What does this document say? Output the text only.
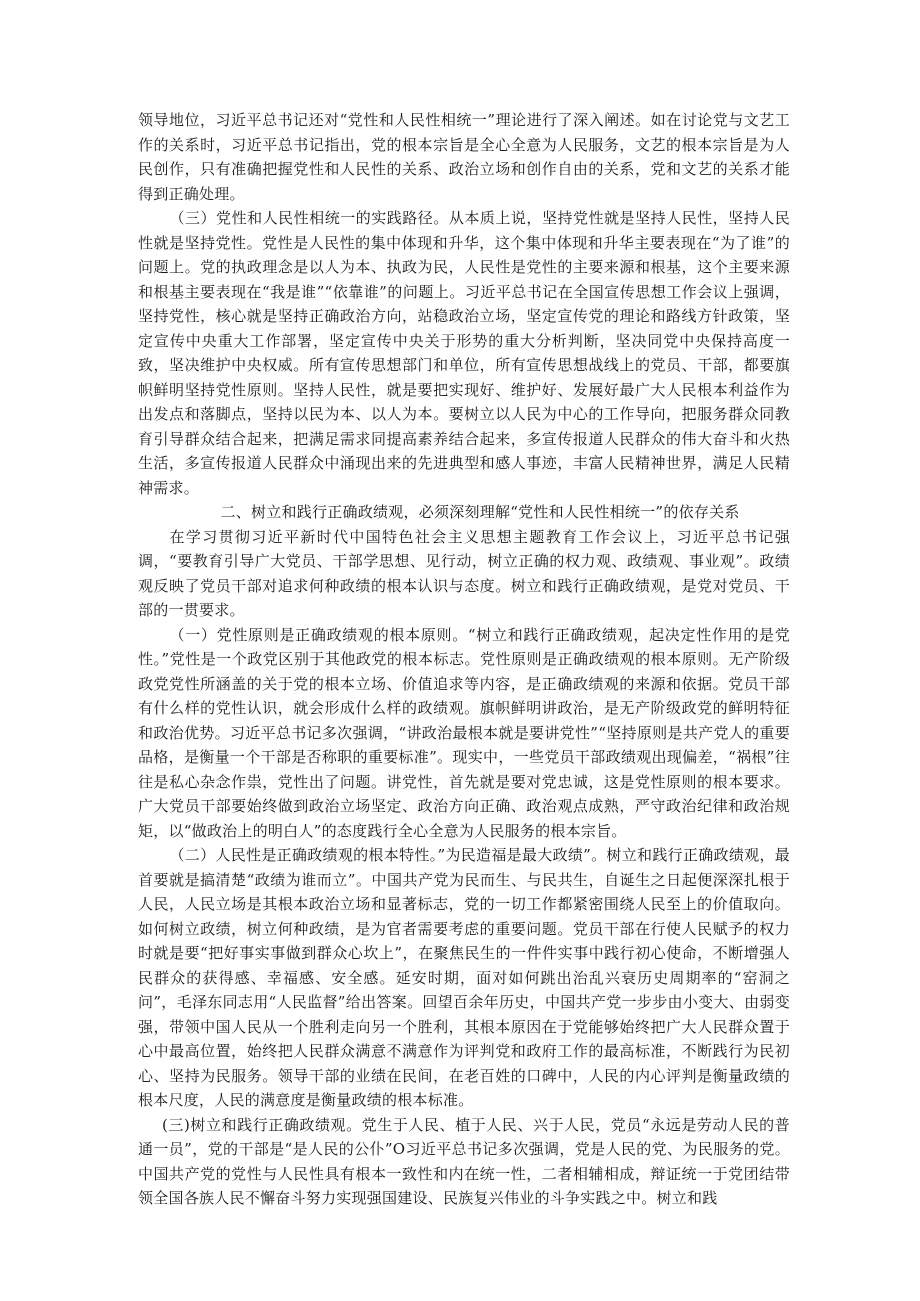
领导地位，习近平总书记还对“党性和人民性相统一”理论进行了深入阐述。如在讨论党与文艺工作的关系时，习近平总书记指出，党的根本宗旨是全心全意为人民服务，文艺的根本宗旨是为人民创作，只有准确把握党性和人民性的关系、政治立场和创作自由的关系，党和文艺的关系才能得到正确处理。

（三）党性和人民性相统一的实践路径。从本质上说，坚持党性就是坚持人民性，坚持人民性就是坚持党性。党性是人民性的集中体现和升华，这个集中体现和升华主要表现在“为了谁”的问题上。党的执政理念是以人为本、执政为民，人民性是党性的主要来源和根基，这个主要来源和根基主要表现在“我是谁”“依靠谁”的问题上。习近平总书记在全国宣传思想工作会议上强调，坚持党性，核心就是坚持正确政治方向，站稳政治立场，坚定宣传党的理论和路线方针政策，坚定宣传中央重大工作部署，坚定宣传中央关于形势的重大分析判断，坚决同党中央保持高度一致，坚决维护中央权威。所有宣传思想部门和单位，所有宣传思想战线上的党员、干部，都要旗帜鲜明坚持党性原则。坚持人民性，就是要把实现好、维护好、发展好最广大人民根本利益作为出发点和落脚点，坚持以民为本、以人为本。要树立以人民为中心的工作导向，把服务群众同教育引导群众结合起来，把满足需求同提高素养结合起来，多宣传报道人民群众的伟大奋斗和火热生活，多宣传报道人民群众中涌现出来的先进典型和感人事迹，丰富人民精神世界，满足人民精神需求。

二、树立和践行正确政绩观，必须深刻理解“党性和人民性相统一”的依存关系

在学习贯彻习近平新时代中国特色社会主义思想主题教育工作会议上，习近平总书记强调，“要教育引导广大党员、干部学思想、见行动，树立正确的权力观、政绩观、事业观”。政绩观反映了党员干部对追求何种政绩的根本认识与态度。树立和践行正确政绩观，是党对党员、干部的一贯要求。

（一）党性原则是正确政绩观的根本原则。“树立和践行正确政绩观，起决定性作用的是党性。”党性是一个政党区别于其他政党的根本标志。党性原则是正确政绩观的根本原则。无产阶级政党党性所涵盖的关于党的根本立场、价值追求等内容，是正确政绩观的来源和依据。党员干部有什么样的党性认识，就会形成什么样的政绩观。旗帜鲜明讲政治，是无产阶级政党的鲜明特征和政治优势。习近平总书记多次强调，“讲政治最根本就是要讲党性”“坚持原则是共产党人的重要品格，是衡量一个干部是否称职的重要标准”。现实中，一些党员干部政绩观出现偏差，“祸根”往往是私心杂念作祟，党性出了问题。讲党性，首先就是要对党忠诚，这是党性原则的根本要求。广大党员干部要始终做到政治立场坚定、政治方向正确、政治观点成熟，严守政治纪律和政治规矩，以“做政治上的明白人”的态度践行全心全意为人民服务的根本宗旨。

（二）人民性是正确政绩观的根本特性。”为民造福是最大政绩”。树立和践行正确政绩观，最首要就是搞清楚“政绩为谁而立”。中国共产党为民而生、与民共生，自诞生之日起便深深扎根于人民，人民立场是其根本政治立场和显著标志，党的一切工作都紧密围绕人民至上的价值取向。如何树立政绩，树立何种政绩，是为官者需要考虑的重要问题。党员干部在行使人民赋予的权力时就是要“把好事实事做到群众心坎上”，在聚焦民生的一件件实事中践行初心使命，不断增强人民群众的获得感、幸福感、安全感。延安时期，面对如何跳出治乱兴衰历史周期率的“窑洞之问”，毛泽东同志用“人民监督”给出答案。回望百余年历史，中国共产党一步步由小变大、由弱变强，带领中国人民从一个胜利走向另一个胜利，其根本原因在于党能够始终把广大人民群众置于心中最高位置，始终把人民群众满意不满意作为评判党和政府工作的最高标准，不断践行为民初心、坚持为民服务。领导干部的业绩在民间，在老百姓的口碑中，人民的内心评判是衡量政绩的根本尺度，人民的满意度是衡量政绩的根本标准。

(三)树立和践行正确政绩观。党生于人民、植于人民、兴于人民，党员“永远是劳动人民的普通一员”，党的干部是“是人民的公仆”O习近平总书记多次强调，党是人民的党、为民服务的党。中国共产党的党性与人民性具有根本一致性和内在统一性，二者相辅相成，辩证统一于党团结带领全国各族人民不懈奋斗努力实现强国建设、民族复兴伟业的斗争实践之中。树立和践
